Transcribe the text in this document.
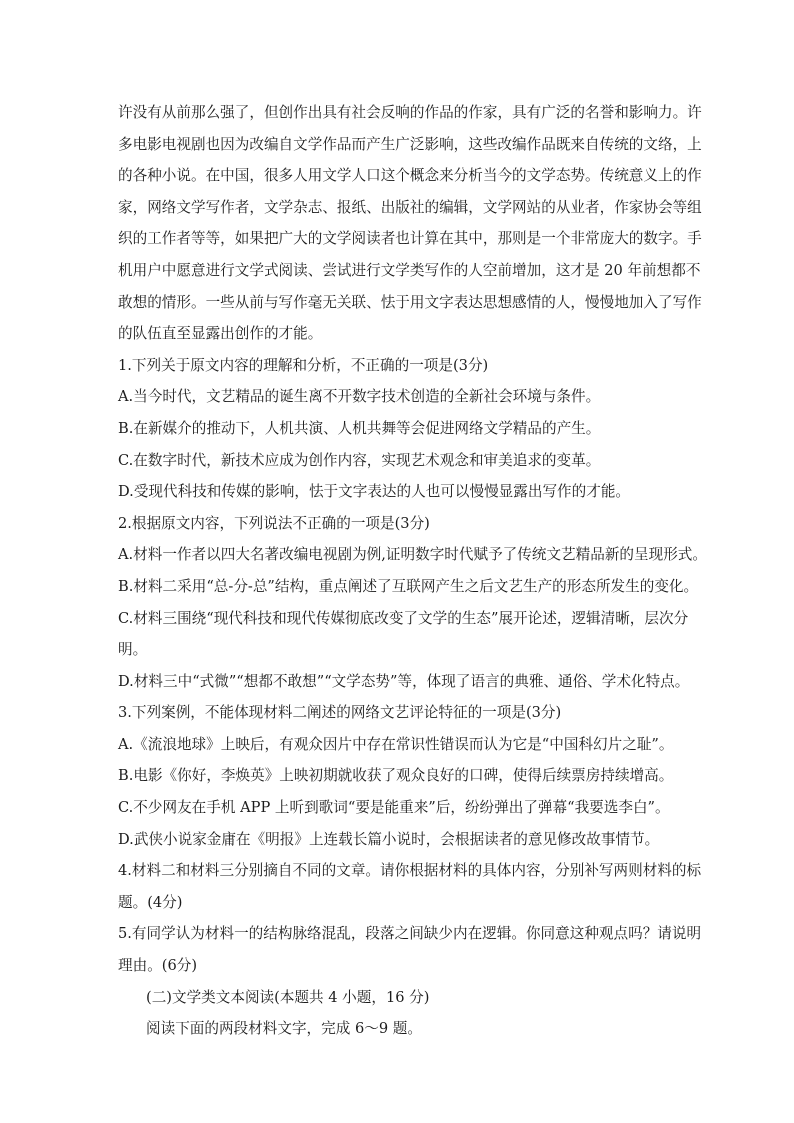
许没有从前那么强了，但创作出具有社会反响的作品的作家，具有广泛的名誉和影响力。许
多电影电视剧也因为改编自文学作品而产生广泛影响，这些改编作品既来自传统的文络，上
的各种小说。在中国，很多人用文学人口这个概念来分析当今的文学态势。传统意义上的作
家，网络文学写作者，文学杂志、报纸、出版社的编辑，文学网站的从业者，作家协会等组
织的工作者等等，如果把广大的文学阅读者也计算在其中，那则是一个非常庞大的数字。手
机用户中愿意进行文学式阅读、尝试进行文学类写作的人空前增加，这才是 20 年前想都不
敢想的情形。一些从前与写作毫无关联、怯于用文字表达思想感情的人，慢慢地加入了写作
的队伍直至显露出创作的才能。
1.下列关于原文内容的理解和分析，不正确的一项是(3分)
A.当今时代，文艺精品的诞生离不开数字技术创造的全新社会环境与条件。
B.在新媒介的推动下，人机共演、人机共舞等会促进网络文学精品的产生。
C.在数字时代，新技术应成为创作内容，实现艺术观念和审美追求的变革。
D.受现代科技和传媒的影响，怯于文字表达的人也可以慢慢显露出写作的才能。
2.根据原文内容，下列说法不正确的一项是(3分)
A.材料一作者以四大名著改编电视剧为例,证明数字时代赋予了传统文艺精品新的呈现形式。
B.材料二采用“总-分-总”结构，重点阐述了互联网产生之后文艺生产的形态所发生的变化。
C.材料三围绕“现代科技和现代传媒彻底改变了文学的生态”展开论述，逻辑清晰，层次分
明。
D.材料三中“式微”“想都不敢想”“文学态势”等，体现了语言的典雅、通俗、学术化特点。
3.下列案例，不能体现材料二阐述的网络文艺评论特征的一项是(3分)
A.《流浪地球》上映后，有观众因片中存在常识性错误而认为它是“中国科幻片之耻”。
B.电影《你好，李焕英》上映初期就收获了观众良好的口碑，使得后续票房持续增高。
C.不少网友在手机 APP 上听到歌词“要是能重来”后，纷纷弹出了弹幕“我要选李白”。
D.武侠小说家金庸在《明报》上连载长篇小说时，会根据读者的意见修改故事情节。
4.材料二和材料三分别摘自不同的文章。请你根据材料的具体内容，分别补写两则材料的标
题。(4分)
5.有同学认为材料一的结构脉络混乱，段落之间缺少内在逻辑。你同意这种观点吗？请说明
理由。(6分)
(二)文学类文本阅读(本题共 4 小题，16 分)
阅读下面的两段材料文字，完成 6～9 题。
